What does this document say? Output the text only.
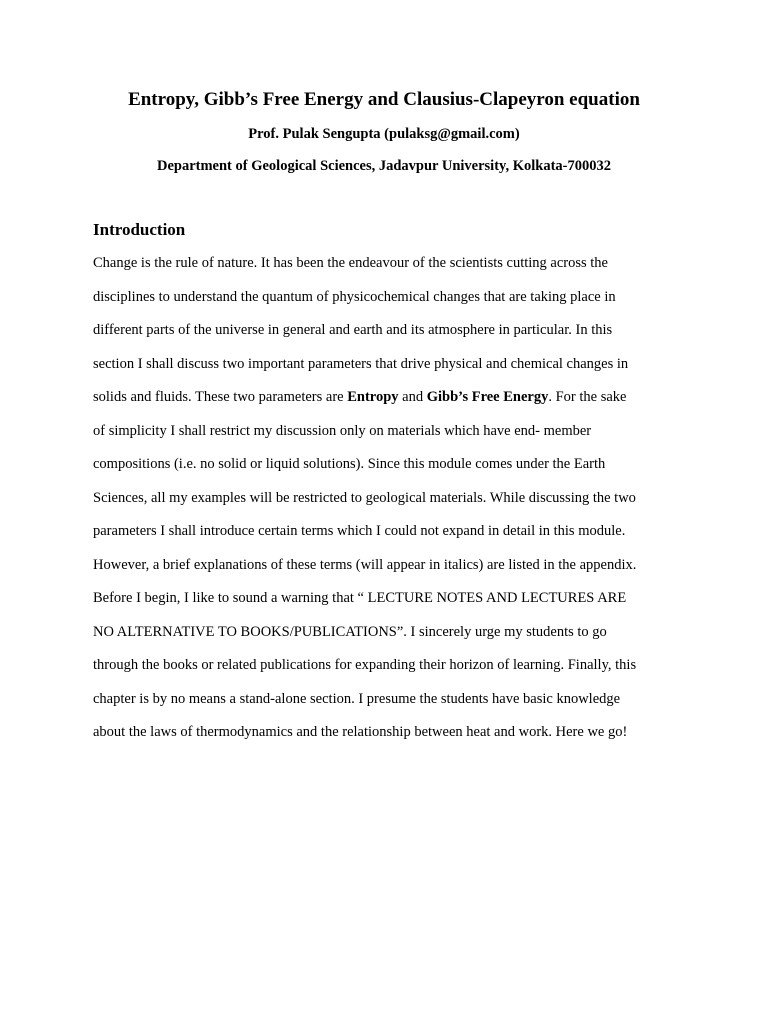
Entropy, Gibb’s Free Energy and Clausius-Clapeyron equation
Prof. Pulak Sengupta (pulaksg@gmail.com)
Department of Geological Sciences, Jadavpur University, Kolkata-700032
Introduction
Change is the rule of nature. It has been the endeavour of the scientists cutting across the
disciplines to understand the quantum of physicochemical changes that are taking place in
different parts of the universe in general and earth and its atmosphere in particular. In this
section I shall discuss two important parameters that drive physical and chemical changes in
solids and fluids. These two parameters are Entropy and Gibb’s Free Energy. For the sake
of simplicity I shall restrict my discussion only on materials which have end- member
compositions (i.e. no solid or liquid solutions). Since this module comes under the Earth
Sciences, all my examples will be restricted to geological materials. While discussing the two
parameters I shall introduce certain terms which I could not expand in detail in this module.
However, a brief explanations of these terms (will appear in italics) are listed in the appendix.
Before I begin, I like to sound a warning that “ LECTURE NOTES AND LECTURES ARE
NO ALTERNATIVE TO BOOKS/PUBLICATIONS”. I sincerely urge my students to go
through the books or related publications for expanding their horizon of learning. Finally, this
chapter is by no means a stand-alone section. I presume the students have basic knowledge
about the laws of thermodynamics and the relationship between heat and work. Here we go!
